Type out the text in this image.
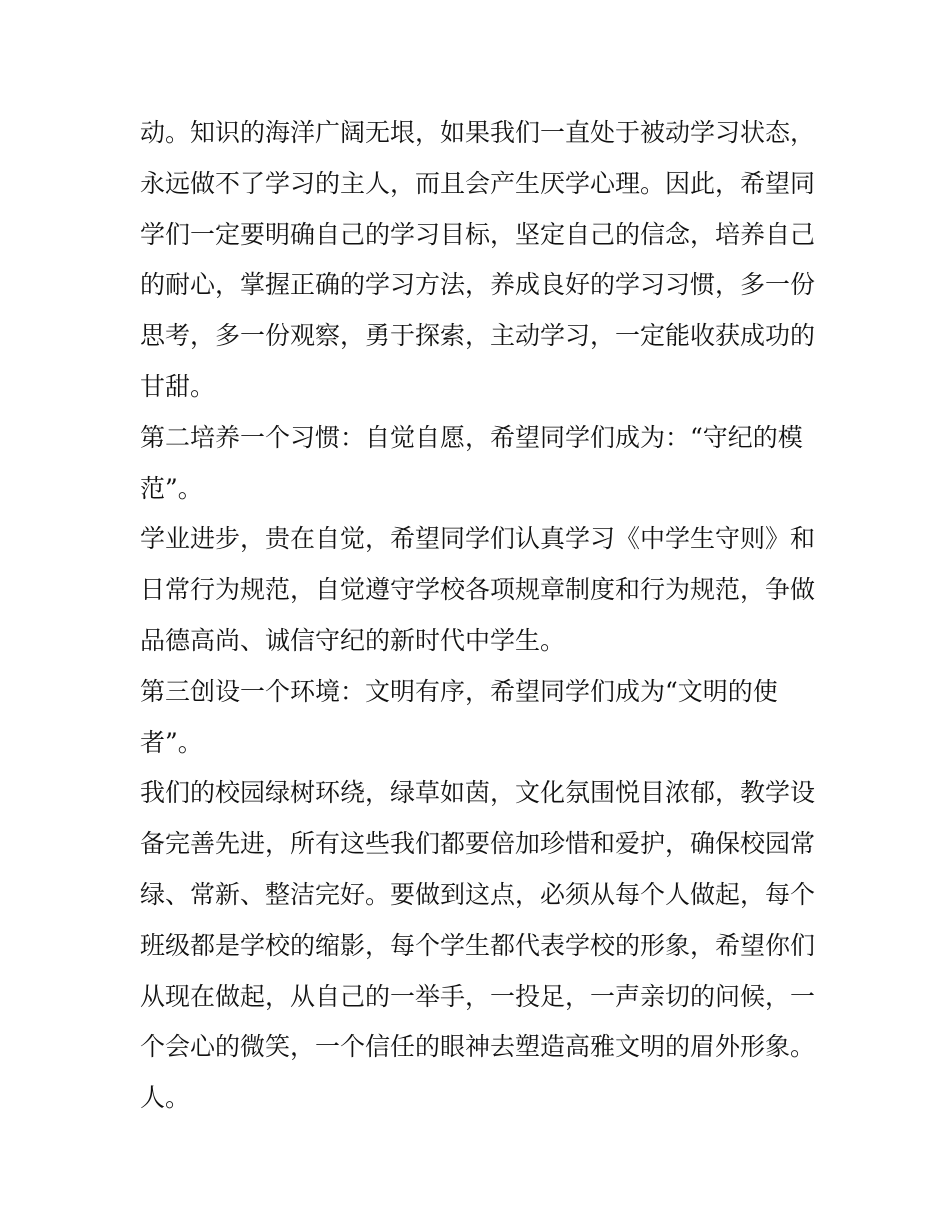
动。知识的海洋广阔无垠，如果我们一直处于被动学习状态，
永远做不了学习的主人，而且会产生厌学心理。因此，希望同
学们一定要明确自己的学习目标，坚定自己的信念，培养自己
的耐心，掌握正确的学习方法，养成良好的学习习惯，多一份
思考，多一份观察，勇于探索，主动学习，一定能收获成功的
甘甜。
第二培养一个习惯：自觉自愿，希望同学们成为：“守纪的模
范”。
学业进步，贵在自觉，希望同学们认真学习《中学生守则》和
日常行为规范，自觉遵守学校各项规章制度和行为规范，争做
品德高尚、诚信守纪的新时代中学生。
第三创设一个环境：文明有序，希望同学们成为“文明的使
者”。
我们的校园绿树环绕，绿草如茵，文化氛围悦目浓郁，教学设
备完善先进，所有这些我们都要倍加珍惜和爱护，确保校园常
绿、常新、整洁完好。要做到这点，必须从每个人做起，每个
班级都是学校的缩影，每个学生都代表学校的形象，希望你们
从现在做起，从自己的一举手，一投足，一声亲切的问候，一
个会心的微笑，一个信任的眼神去塑造高雅文明的眉外形象。
人。
